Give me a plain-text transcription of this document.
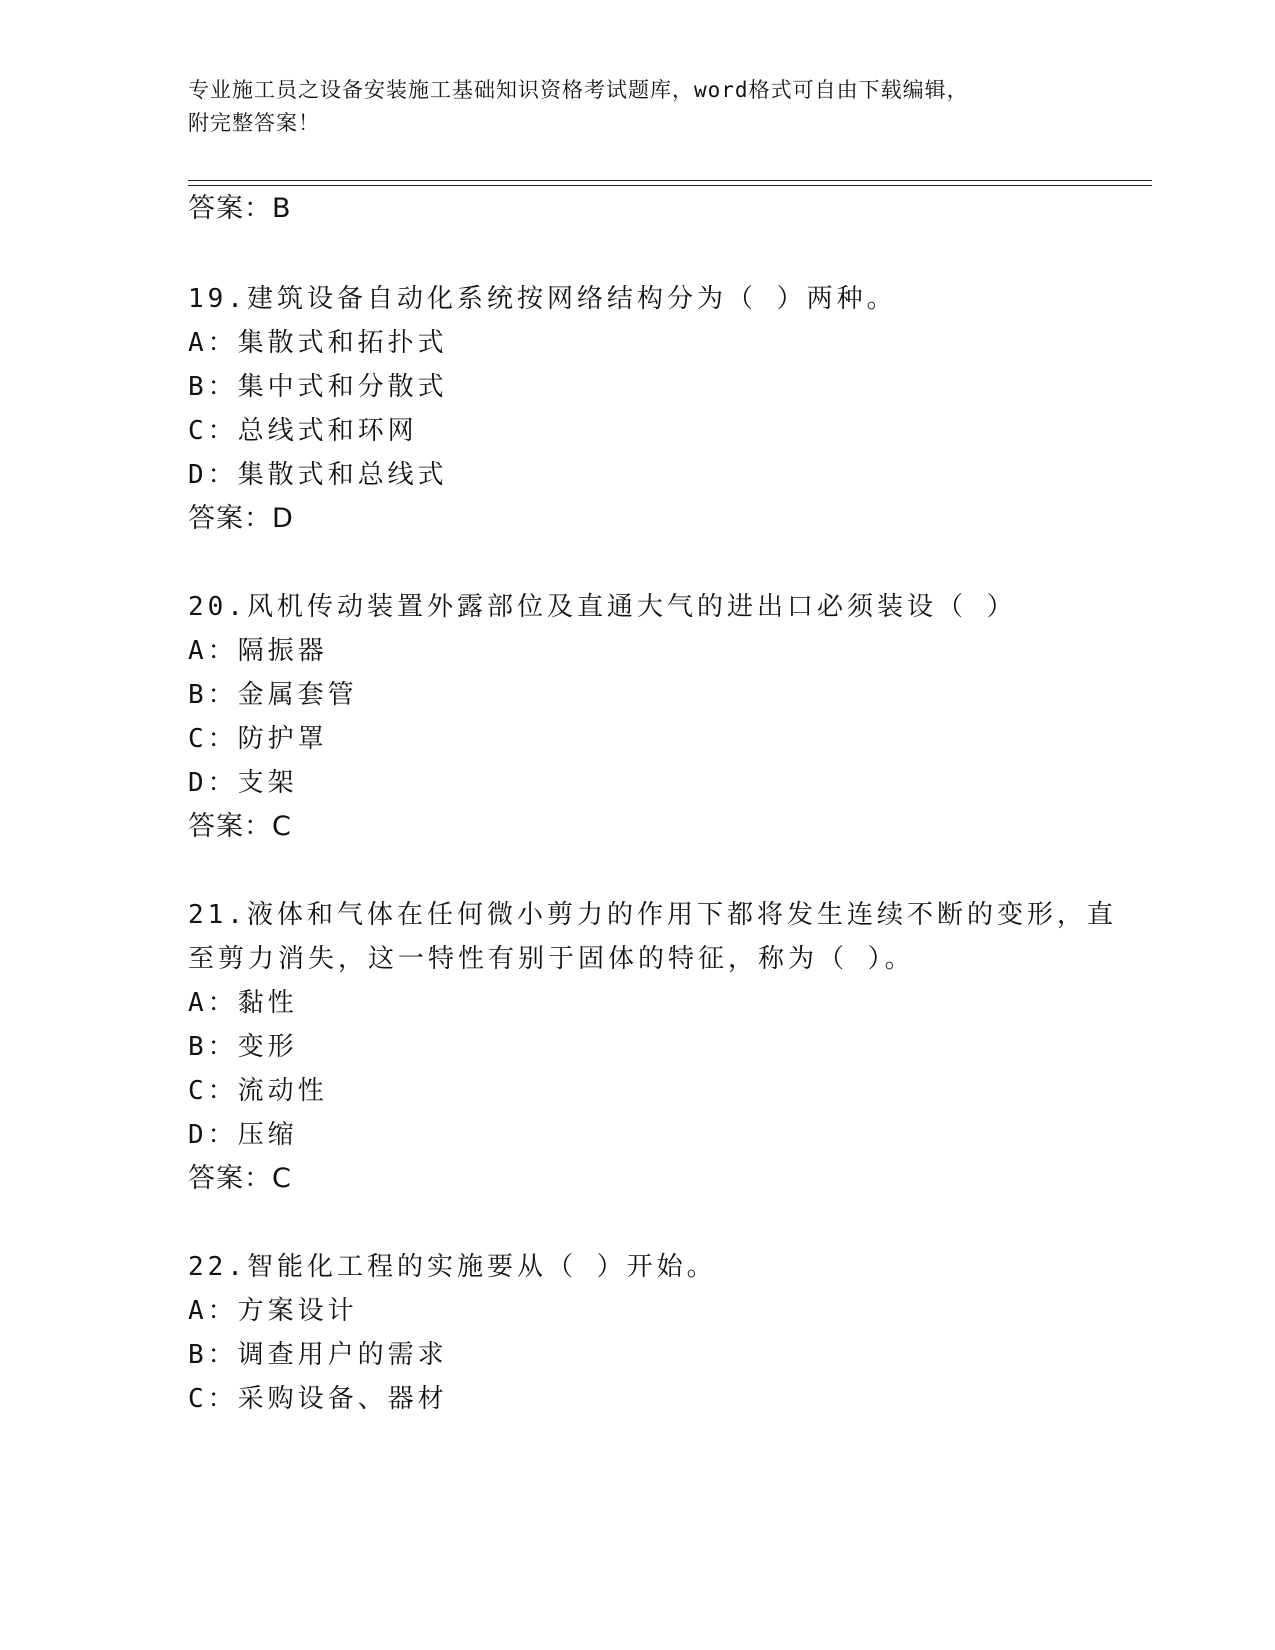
专业施工员之设备安装施工基础知识资格考试题库，word格式可自由下载编辑，
附完整答案！
答案：B
19.建筑设备自动化系统按网络结构分为（ ）两种。
A：集散式和拓扑式
B：集中式和分散式
C：总线式和环网
D：集散式和总线式
答案：D
20.风机传动装置外露部位及直通大气的进出口必须装设（ ）
A：隔振器
B：金属套管
C：防护罩
D：支架
答案：C
21.液体和气体在任何微小剪力的作用下都将发生连续不断的变形，直
至剪力消失，这一特性有别于固体的特征，称为（ ）。
A：黏性
B：变形
C：流动性
D：压缩
答案：C
22.智能化工程的实施要从（ ）开始。
A：方案设计
B：调查用户的需求
C：采购设备、器材
